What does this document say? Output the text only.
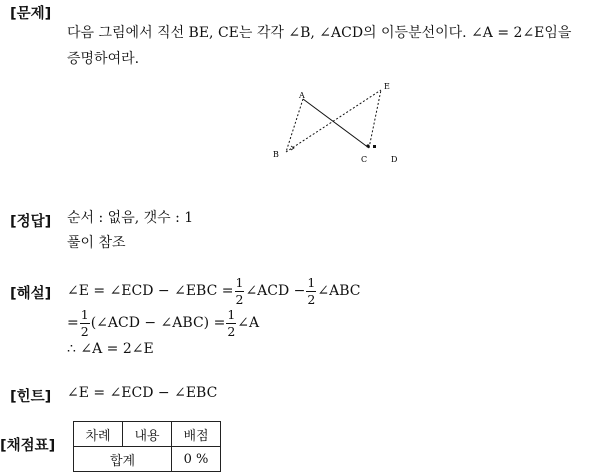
[문제]
다음 그림에서 직선 BE, CE는 각각 ∠B, ∠ACD의 이등분선이다. ∠A = 2∠E임을
증명하여라.
A
B
C	D
E
[정답] 순서 : 없음, 갯수 : 1
풀이 참조
[해설] ∠E = ∠ECD − ∠EBC = $\frac{1}{2}$ ∠ACD − $\frac{1}{2}$ ∠ABC
= $\frac{1}{2}$ (∠ACD − ∠ABC) = $\frac{1}{2}$ ∠A
∴ ∠A = 2∠E
[힌트] ∠E = ∠ECD − ∠EBC
[채점표]
차례	내용	배점
합계		0 %
